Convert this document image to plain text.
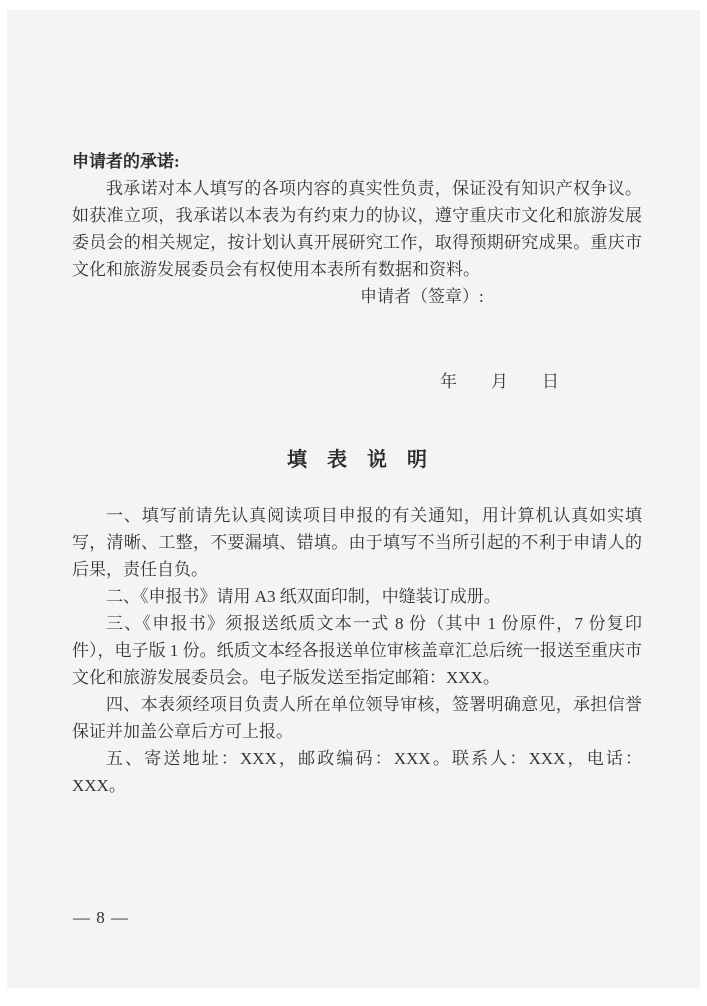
申请者的承诺:

我承诺对本人填写的各项内容的真实性负责，保证没有知识产权争议。如获准立项，我承诺以本表为有约束力的协议，遵守重庆市文化和旅游发展委员会的相关规定，按计划认真开展研究工作，取得预期研究成果。重庆市文化和旅游发展委员会有权使用本表所有数据和资料。

申请者（签章）:
年　　月　　日
填　表　说　明

一、填写前请先认真阅读项目申报的有关通知，用计算机认真如实填写，清晰、工整，不要漏填、错填。由于填写不当所引起的不利于申请人的后果，责任自负。

二、《申报书》请用 A3 纸双面印制，中缝装订成册。

三、《申报书》须报送纸质文本一式 8 份（其中 1 份原件，7 份复印件），电子版 1 份。纸质文本经各报送单位审核盖章汇总后统一报送至重庆市文化和旅游发展委员会。电子版发送至指定邮箱：XXX。

四、本表须经项目负责人所在单位领导审核，签署明确意见，承担信誉保证并加盖公章后方可上报。

五、寄送地址：XXX，邮政编码：XXX。联系人：XXX，电话：XXX。

— 8 —
